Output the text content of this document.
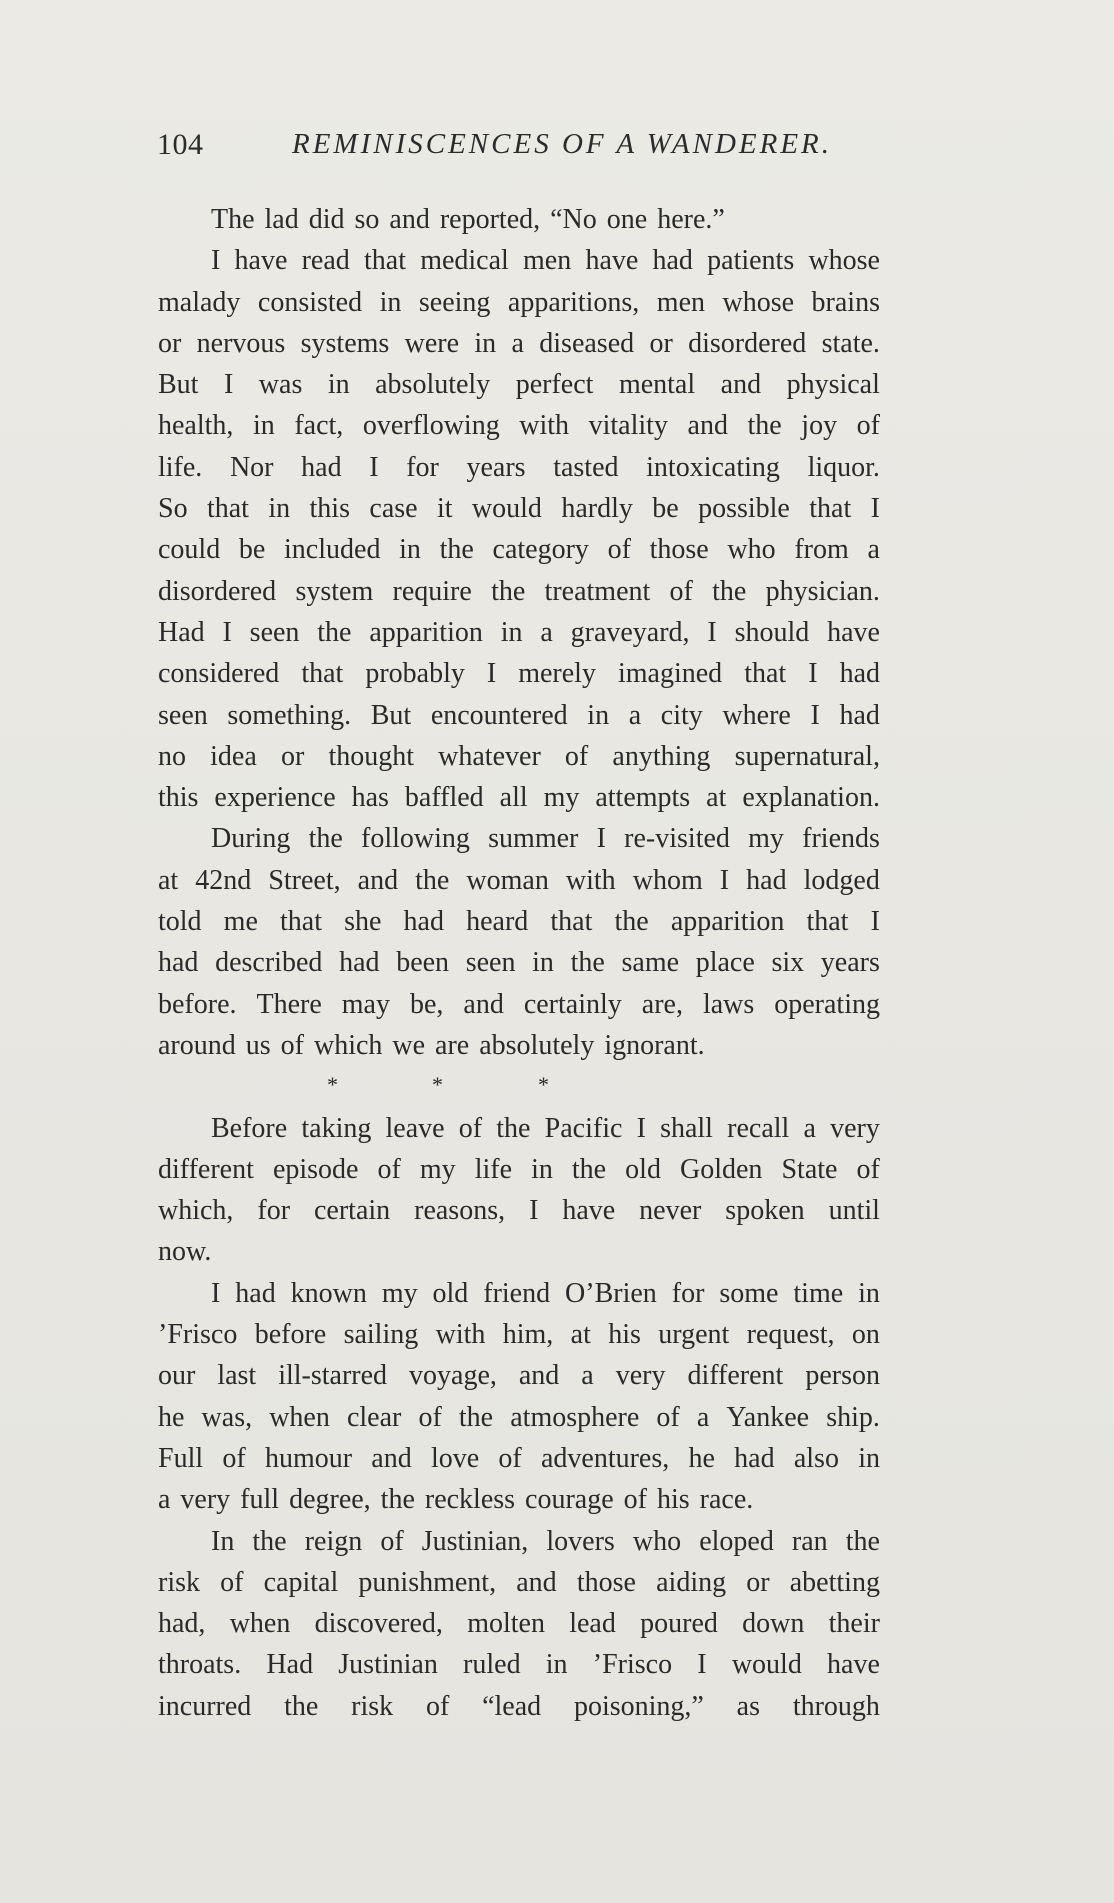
104	REMINISCENCES OF A WANDERER.
The lad did so and reported, “No one here.”
I have read that medical men have had patients whose
malady consisted in seeing apparitions, men whose brains
or nervous systems were in a diseased or disordered state.
But I was in absolutely perfect mental and physical
health, in fact, overflowing with vitality and the joy of
life. Nor had I for years tasted intoxicating liquor.
So that in this case it would hardly be possible that I
could be included in the category of those who from a
disordered system require the treatment of the physician.
Had I seen the apparition in a graveyard, I should have
considered that probably I merely imagined that I had
seen something. But encountered in a city where I had
no idea or thought whatever of anything supernatural,
this experience has baffled all my attempts at explanation.
During the following summer I re-visited my friends
at 42nd Street, and the woman with whom I had lodged
told me that she had heard that the apparition that I
had described had been seen in the same place six years
before. There may be, and certainly are, laws operating
around us of which we are absolutely ignorant.
*	*	*
Before taking leave of the Pacific I shall recall a very
different episode of my life in the old Golden State of
which, for certain reasons, I have never spoken until
now.
I had known my old friend O’Brien for some time in
’Frisco before sailing with him, at his urgent request, on
our last ill-starred voyage, and a very different person
he was, when clear of the atmosphere of a Yankee ship.
Full of humour and love of adventures, he had also in
a very full degree, the reckless courage of his race.
In the reign of Justinian, lovers who eloped ran the
risk of capital punishment, and those aiding or abetting
had, when discovered, molten lead poured down their
throats. Had Justinian ruled in ’Frisco I would have
incurred the risk of “lead poisoning,” as through
